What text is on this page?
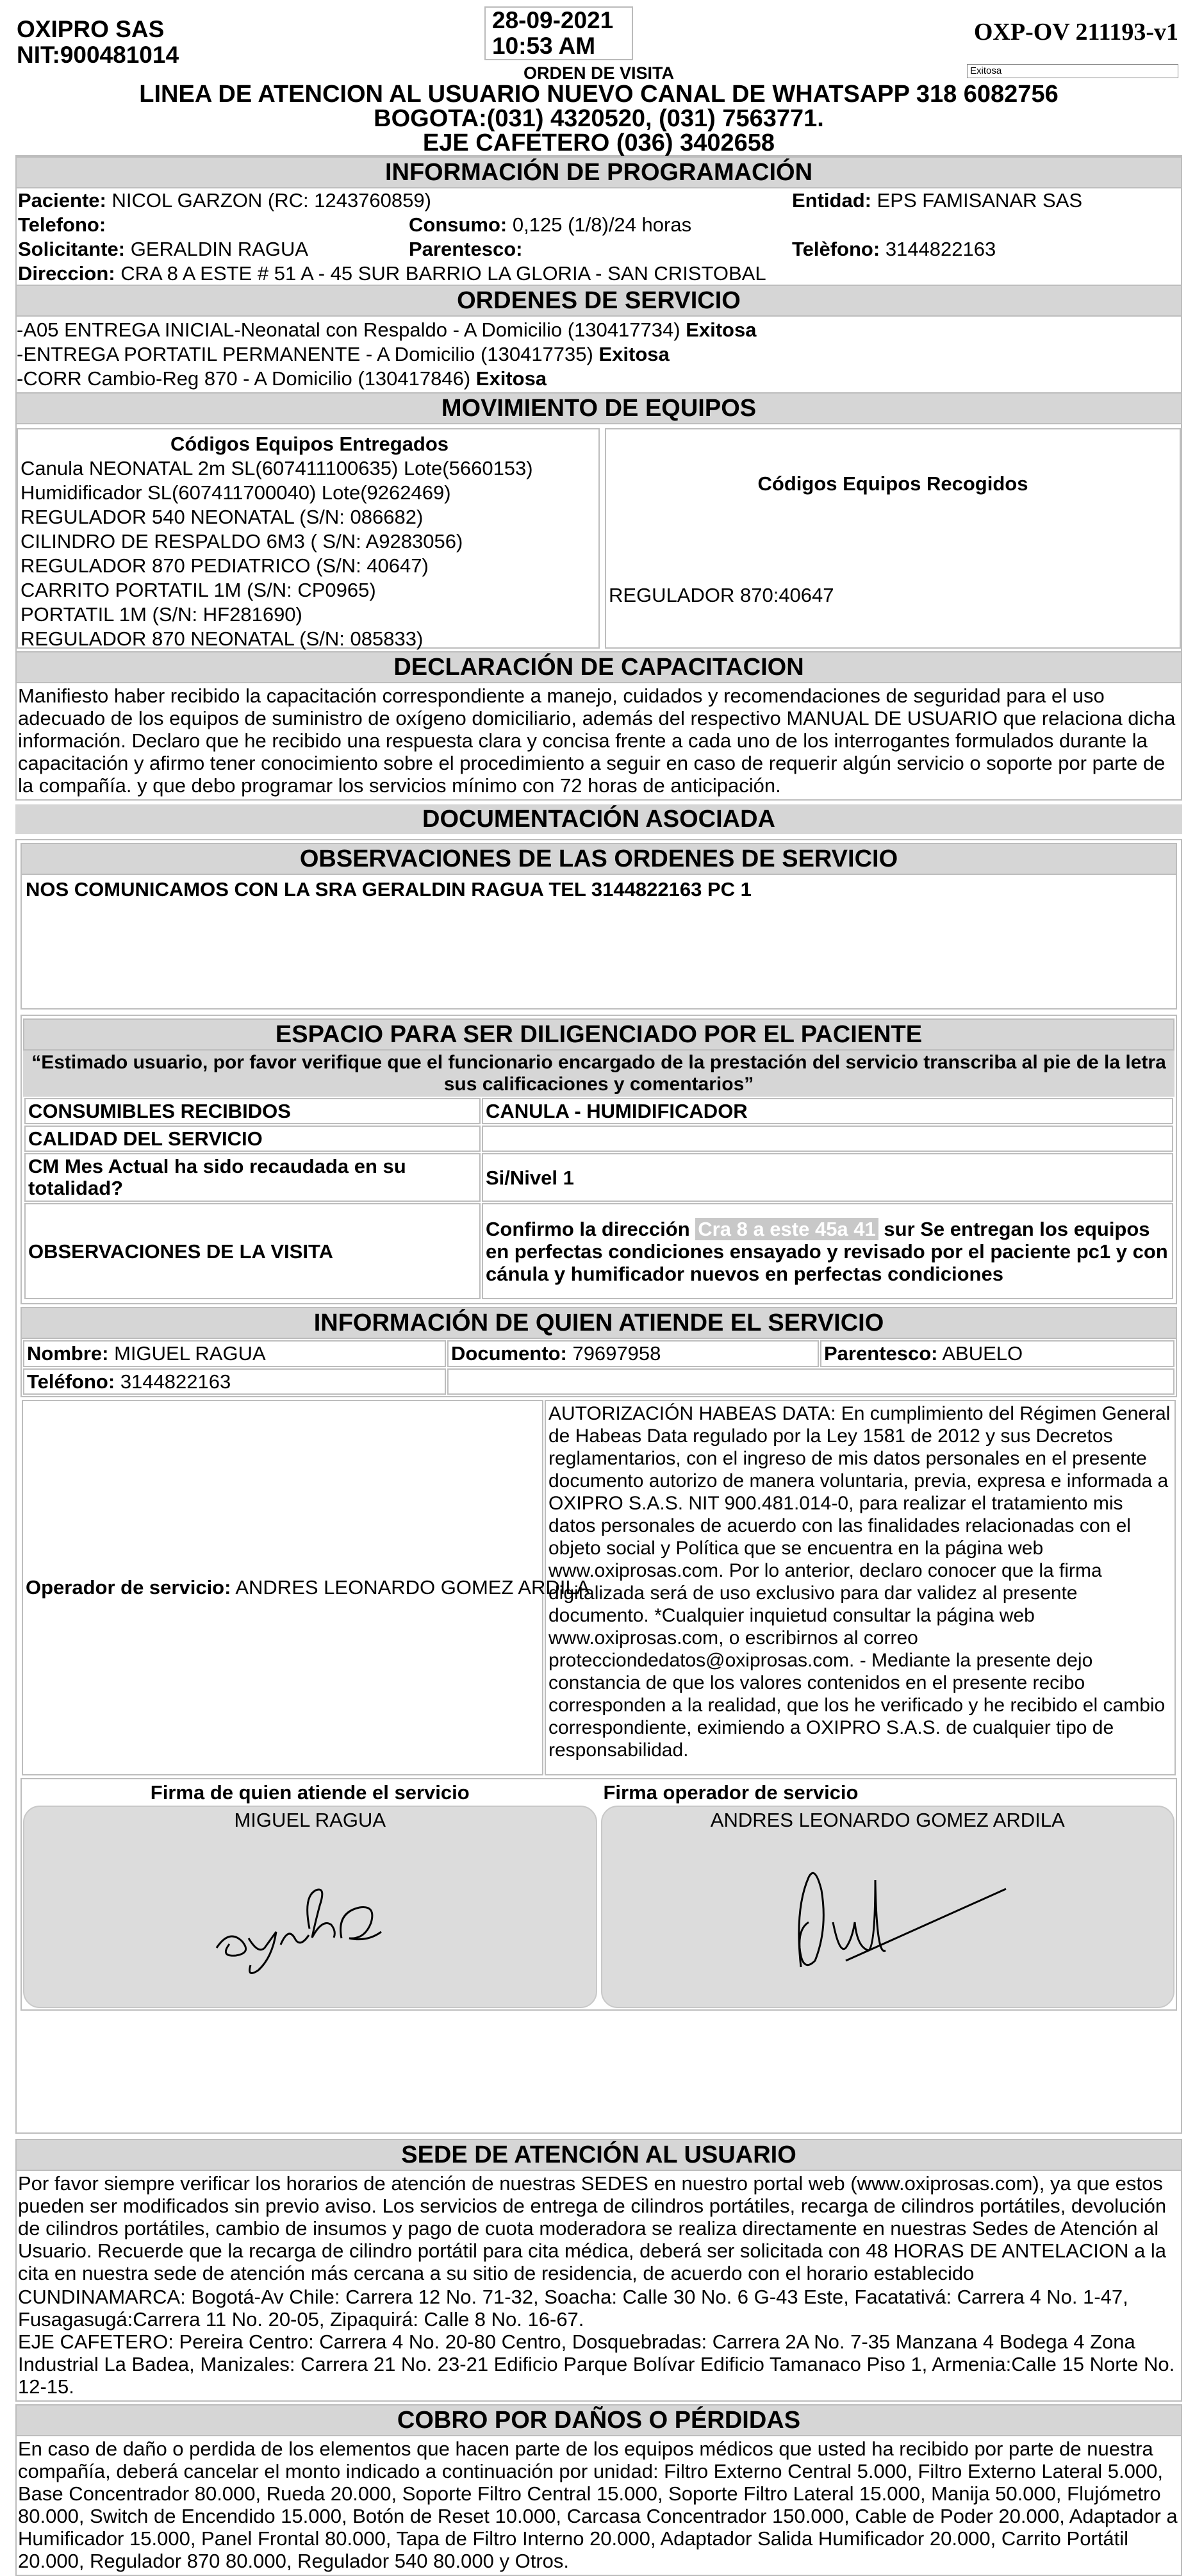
OXIPRO SAS
NIT:900481014
28-09-2021
10:53 AM
OXP-OV 211193-v1
Exitosa
ORDEN DE VISITA
LINEA DE ATENCION AL USUARIO NUEVO CANAL DE WHATSAPP 318 6082756
BOGOTA:(031) 4320520, (031) 7563771.
EJE CAFETERO (036) 3402658
INFORMACIÓN DE PROGRAMACIÓN
Paciente: NICOL GARZON (RC: 1243760859)	Entidad: EPS FAMISANAR SAS
Telefono:	Consumo: 0,125 (1/8)/24 horas
Solicitante: GERALDIN RAGUA	Parentesco:	Telèfono: 3144822163
Direccion: CRA 8 A ESTE # 51 A - 45 SUR BARRIO LA GLORIA - SAN CRISTOBAL
ORDENES DE SERVICIO
-A05 ENTREGA INICIAL-Neonatal con Respaldo - A Domicilio (130417734) Exitosa
-ENTREGA PORTATIL PERMANENTE - A Domicilio (130417735) Exitosa
-CORR Cambio-Reg 870 - A Domicilio (130417846) Exitosa
MOVIMIENTO DE EQUIPOS
Códigos Equipos Entregados
Canula NEONATAL 2m SL(607411100635) Lote(5660153)
Humidificador SL(607411700040) Lote(9262469)
REGULADOR 540 NEONATAL (S/N: 086682)
CILINDRO DE RESPALDO 6M3 ( S/N: A9283056)
REGULADOR 870 PEDIATRICO (S/N: 40647)
CARRITO PORTATIL 1M (S/N: CP0965)
PORTATIL 1M (S/N: HF281690)
REGULADOR 870 NEONATAL (S/N: 085833)
Códigos Equipos Recogidos
REGULADOR 870:40647
DECLARACIÓN DE CAPACITACION
Manifiesto haber recibido la capacitación correspondiente a manejo, cuidados y recomendaciones de seguridad para el uso adecuado de los equipos de suministro de oxígeno domiciliario, además del respectivo MANUAL DE USUARIO que relaciona dicha información. Declaro que he recibido una respuesta clara y concisa frente a cada uno de los interrogantes formulados durante la capacitación y afirmo tener conocimiento sobre el procedimiento a seguir en caso de requerir algún servicio o soporte por parte de la compañía. y que debo programar los servicios mínimo con 72 horas de anticipación.
DOCUMENTACIÓN ASOCIADA
OBSERVACIONES DE LAS ORDENES DE SERVICIO
NOS COMUNICAMOS CON LA SRA GERALDIN RAGUA TEL 3144822163 PC 1
ESPACIO PARA SER DILIGENCIADO POR EL PACIENTE
“Estimado usuario, por favor verifique que el funcionario encargado de la prestación del servicio transcriba al pie de la letra sus calificaciones y comentarios”
CONSUMIBLES RECIBIDOS	CANULA - HUMIDIFICADOR
CALIDAD DEL SERVICIO	
CM Mes Actual ha sido recaudada en su totalidad?	Si/Nivel 1
OBSERVACIONES DE LA VISITA	Confirmo la dirección Cra 8 a este 45a 41 sur Se entregan los equipos en perfectas condiciones ensayado y revisado por el paciente pc1 y con cánula y humificador nuevos en perfectas condiciones
INFORMACIÓN DE QUIEN ATIENDE EL SERVICIO
Nombre: MIGUEL RAGUA	Documento: 79697958	Parentesco: ABUELO
Teléfono: 3144822163		
Operador de servicio: ANDRES LEONARDO GOMEZ ARDILA	AUTORIZACIÓN HABEAS DATA: En cumplimiento del Régimen General de Habeas Data regulado por la Ley 1581 de 2012 y sus Decretos reglamentarios, con el ingreso de mis datos personales en el presente documento autorizo de manera voluntaria, previa, expresa e informada a OXIPRO S.A.S. NIT 900.481.014-0, para realizar el tratamiento mis datos personales de acuerdo con las finalidades relacionadas con el objeto social y Política que se encuentra en la página web www.oxiprosas.com. Por lo anterior, declaro conocer que la firma digitalizada será de uso exclusivo para dar validez al presente documento. *Cualquier inquietud consultar la página web www.oxiprosas.com, o escribirnos al correo protecciondedatos@oxiprosas.com. - Mediante la presente dejo constancia de que los valores contenidos en el presente recibo corresponden a la realidad, que los he verificado y he recibido el cambio correspondiente, eximiendo a OXIPRO S.A.S. de cualquier tipo de responsabilidad.
Firma de quien atiende el servicio
MIGUEL RAGUA
Firma operador de servicio
ANDRES LEONARDO GOMEZ ARDILA
SEDE DE ATENCIÓN AL USUARIO
Por favor siempre verificar los horarios de atención de nuestras SEDES en nuestro portal web (www.oxiprosas.com), ya que estos pueden ser modificados sin previo aviso. Los servicios de entrega de cilindros portátiles, recarga de cilindros portátiles, devolución de cilindros portátiles, cambio de insumos y pago de cuota moderadora se realiza directamente en nuestras Sedes de Atención al Usuario. Recuerde que la recarga de cilindro portátil para cita médica, deberá ser solicitada con 48 HORAS DE ANTELACION a la cita en nuestra sede de atención más cercana a su sitio de residencia, de acuerdo con el horario establecido
CUNDINAMARCA: Bogotá-Av Chile: Carrera 12 No. 71-32, Soacha: Calle 30 No. 6 G-43 Este, Facatativá: Carrera 4 No. 1-47, Fusagasugá:Carrera 11 No. 20-05, Zipaquirá: Calle 8 No. 16-67.
EJE CAFETERO: Pereira Centro: Carrera 4 No. 20-80 Centro, Dosquebradas: Carrera 2A No. 7-35 Manzana 4 Bodega 4 Zona Industrial La Badea, Manizales: Carrera 21 No. 23-21 Edificio Parque Bolívar Edificio Tamanaco Piso 1, Armenia:Calle 15 Norte No. 12-15.
COBRO POR DAÑOS O PÉRDIDAS
En caso de daño o perdida de los elementos que hacen parte de los equipos médicos que usted ha recibido por parte de nuestra compañía, deberá cancelar el monto indicado a continuación por unidad: Filtro Externo Central 5.000, Filtro Externo Lateral 5.000, Base Concentrador 80.000, Rueda 20.000, Soporte Filtro Central 15.000, Soporte Filtro Lateral 15.000, Manija 50.000, Flujómetro 80.000, Switch de Encendido 15.000, Botón de Reset 10.000, Carcasa Concentrador 150.000, Cable de Poder 20.000, Adaptador a Humificador 15.000, Panel Frontal 80.000, Tapa de Filtro Interno 20.000, Adaptador Salida Humificador 20.000, Carrito Portátil 20.000, Regulador 870 80.000, Regulador 540 80.000 y Otros.
